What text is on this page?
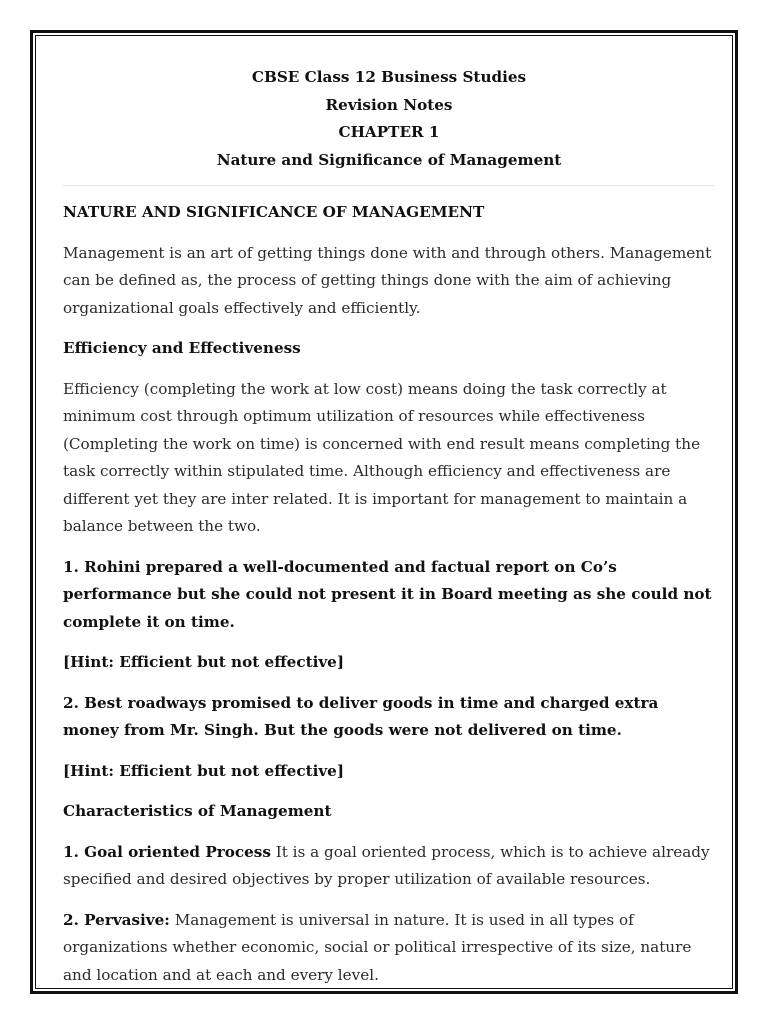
CBSE Class 12 Business Studies
Revision Notes
CHAPTER 1
Nature and Significance of Management
NATURE AND SIGNIFICANCE OF MANAGEMENT

Management is an art of getting things done with and through others. Management can be defined as, the process of getting things done with the aim of achieving organizational goals effectively and efficiently.

Efficiency and Effectiveness

Efficiency (completing the work at low cost) means doing the task correctly at minimum cost through optimum utilization of resources while effectiveness (Completing the work on time) is concerned with end result means completing the task correctly within stipulated time. Although efficiency and effectiveness are different yet they are inter related. It is important for management to maintain a balance between the two.

1. Rohini prepared a well-documented and factual report on Co’s performance but she could not present it in Board meeting as she could not complete it on time.

[Hint: Efficient but not effective]

2. Best roadways promised to deliver goods in time and charged extra money from Mr. Singh. But the goods were not delivered on time.

[Hint: Efficient but not effective]

Characteristics of Management

1. Goal oriented Process It is a goal oriented process, which is to achieve already specified and desired objectives by proper utilization of available resources.

2. Pervasive: Management is universal in nature. It is used in all types of organizations whether economic, social or political irrespective of its size, nature and location and at each and every level.
